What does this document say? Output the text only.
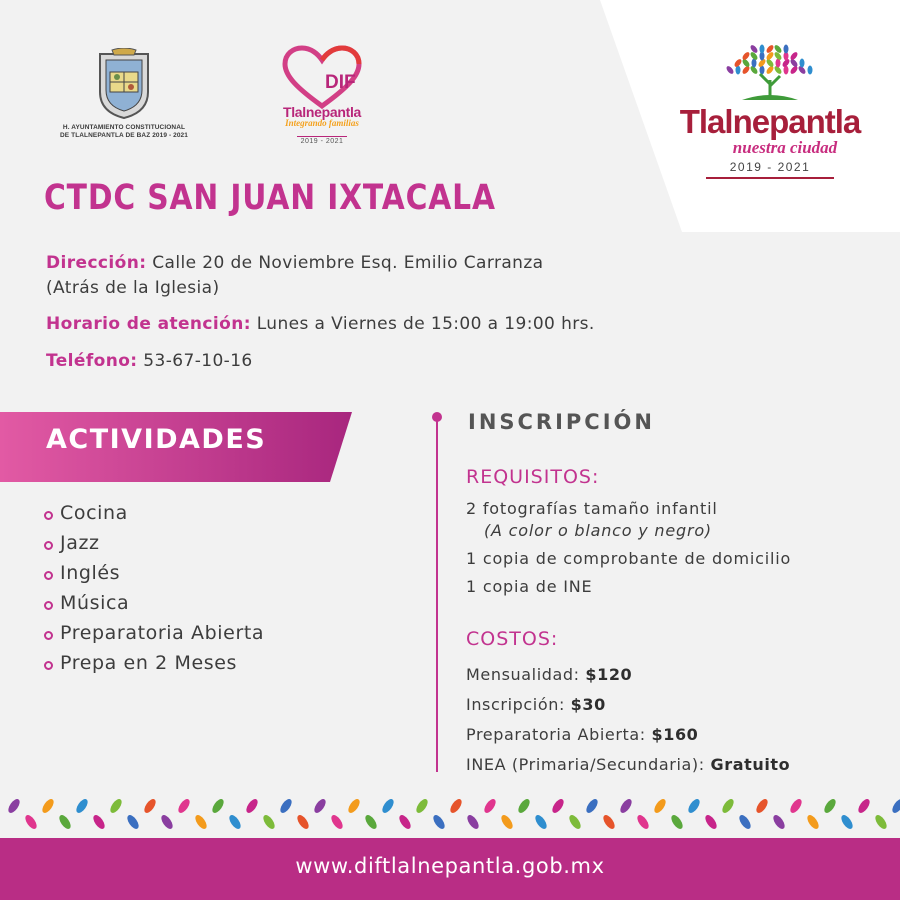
H. AYUNTAMIENTO CONSTITUCIONAL
DE TLALNEPANTLA DE BAZ 2019 - 2021
DIF
Tlalnepantla
Integrando familias
2019 - 2021
Tlalnepantla
nuestra ciudad
2019 - 2021
CTDC SAN JUAN IXTACALA
Dirección: Calle 20 de Noviembre Esq. Emilio Carranza
(Atrás de la Iglesia)
Horario de atención: Lunes a Viernes de 15:00 a 19:00 hrs.
Teléfono: 53-67-10-16
ACTIVIDADES
Cocina
Jazz
Inglés
Música
Preparatoria Abierta
Prepa en 2 Meses
INSCRIPCIÓN
REQUISITOS:
2 fotografías tamaño infantil
(A color o blanco y negro)
1 copia de comprobante de domicilio
1 copia de INE
COSTOS:
Mensualidad: $120
Inscripción: $30
Preparatoria Abierta: $160
INEA (Primaria/Secundaria): Gratuito
www.diftlalnepantla.gob.mx
